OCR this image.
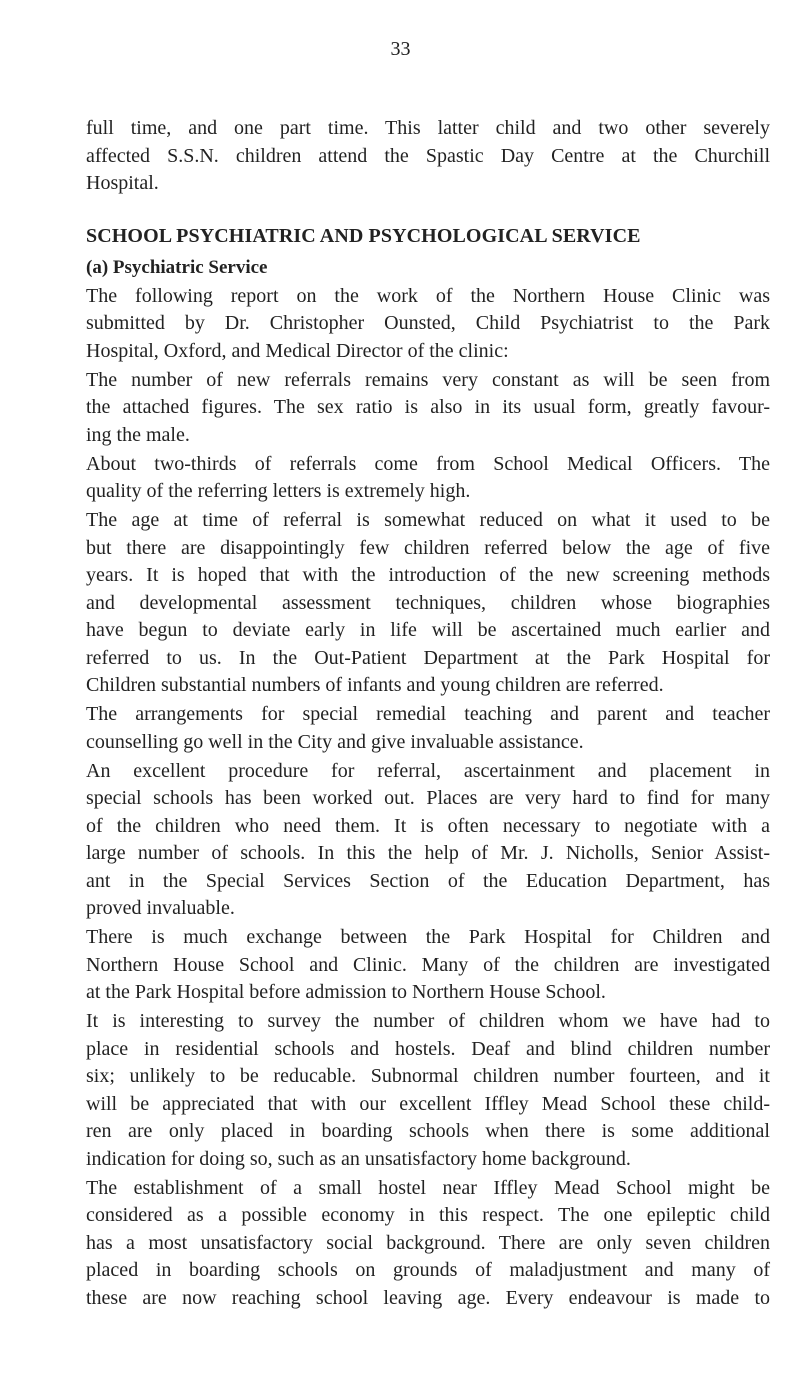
33
full time, and one part time. This latter child and two other severely
affected S.S.N. children attend the Spastic Day Centre at the Churchill
Hospital.
SCHOOL PSYCHIATRIC AND PSYCHOLOGICAL SERVICE
(a) Psychiatric Service
The following report on the work of the Northern House Clinic was
submitted by Dr. Christopher Ounsted, Child Psychiatrist to the Park
Hospital, Oxford, and Medical Director of the clinic:
The number of new referrals remains very constant as will be seen from
the attached figures. The sex ratio is also in its usual form, greatly favour-
ing the male.
About two-thirds of referrals come from School Medical Officers. The
quality of the referring letters is extremely high.
The age at time of referral is somewhat reduced on what it used to be
but there are disappointingly few children referred below the age of five
years. It is hoped that with the introduction of the new screening methods
and developmental assessment techniques, children whose biographies
have begun to deviate early in life will be ascertained much earlier and
referred to us. In the Out-Patient Department at the Park Hospital for
Children substantial numbers of infants and young children are referred.
The arrangements for special remedial teaching and parent and teacher
counselling go well in the City and give invaluable assistance.
An excellent procedure for referral, ascertainment and placement in
special schools has been worked out. Places are very hard to find for many
of the children who need them. It is often necessary to negotiate with a
large number of schools. In this the help of Mr. J. Nicholls, Senior Assist-
ant in the Special Services Section of the Education Department, has
proved invaluable.
There is much exchange between the Park Hospital for Children and
Northern House School and Clinic. Many of the children are investigated
at the Park Hospital before admission to Northern House School.
It is interesting to survey the number of children whom we have had to
place in residential schools and hostels. Deaf and blind children number
six; unlikely to be reducable. Subnormal children number fourteen, and it
will be appreciated that with our excellent Iffley Mead School these child-
ren are only placed in boarding schools when there is some additional
indication for doing so, such as an unsatisfactory home background.
The establishment of a small hostel near Iffley Mead School might be
considered as a possible economy in this respect. The one epileptic child
has a most unsatisfactory social background. There are only seven children
placed in boarding schools on grounds of maladjustment and many of
these are now reaching school leaving age. Every endeavour is made to
